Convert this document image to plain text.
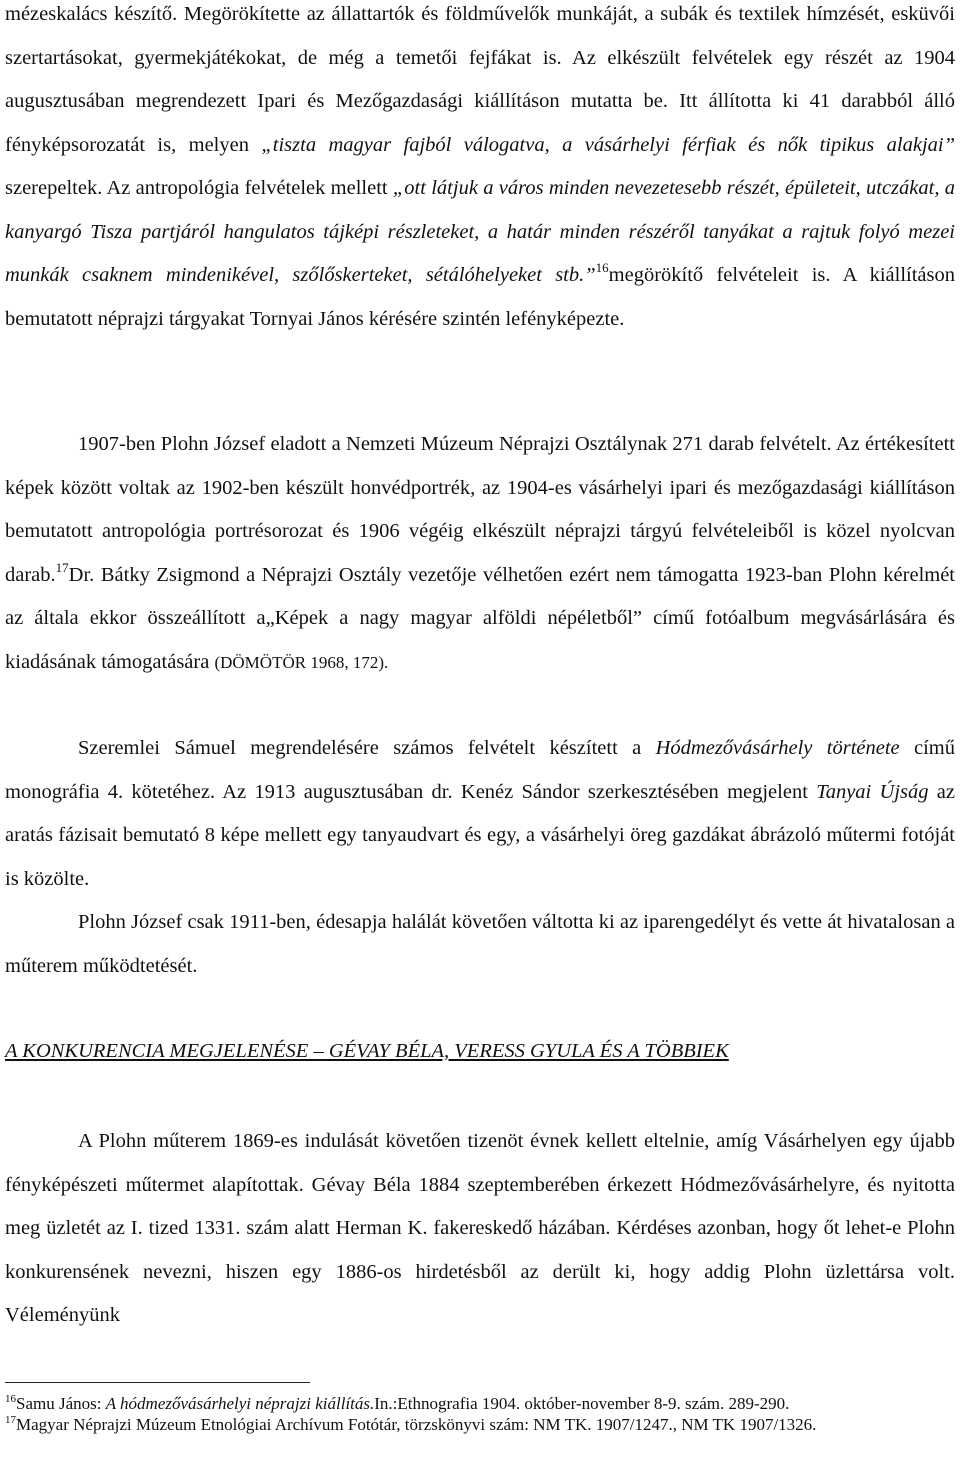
mézeskalács készítő. Megörökítette az állattartók és földművelők munkáját, a subák és textilek hímzését, esküvői szertartásokat, gyermekjátékokat, de még a temetői fejfákat is. Az elkészült felvételek egy részét az 1904 augusztusában megrendezett Ipari és Mezőgazdasági kiállításon mutatta be. Itt állította ki 41 darabból álló fényképsorozatát is, melyen „tiszta magyar fajból válogatva, a vásárhelyi férfiak és nők tipikus alakjai” szerepeltek. Az antropológia felvételek mellett „ott látjuk a város minden nevezetesebb részét, épületeit, utczákat, a kanyargó Tisza partjáról hangulatos tájképi részleteket, a határ minden részéről tanyákat a rajtuk folyó mezei munkák csaknem mindenikével, szőlőskerteket, sétálóhelyeket stb.”$^{16}$megörökítő felvételeit is. A kiállításon bemutatott néprajzi tárgyakat Tornyai János kérésére szintén lefényképezte.

1907-ben Plohn József eladott a Nemzeti Múzeum Néprajzi Osztálynak 271 darab felvételt. Az értékesített képek között voltak az 1902-ben készült honvédportrék, az 1904-es vásárhelyi ipari és mezőgazdasági kiállításon bemutatott antropológia portrésorozat és 1906 végéig elkészült néprajzi tárgyú felvételeiből is közel nyolcvan darab.$^{17}$Dr. Bátky Zsigmond a Néprajzi Osztály vezetője vélhetően ezért nem támogatta 1923-ban Plohn kérelmét az általa ekkor összeállított a„Képek a nagy magyar alföldi népéletből” című fotóalbum megvásárlására és kiadásának támogatására (DÖMÖTÖR 1968, 172).

Szeremlei Sámuel megrendelésére számos felvételt készített a Hódmezővásárhely története című monográfia 4. kötetéhez. Az 1913 augusztusában dr. Kenéz Sándor szerkesztésében megjelent Tanyai Újság az aratás fázisait bemutató 8 képe mellett egy tanyaudvart és egy, a vásárhelyi öreg gazdákat ábrázoló műtermi fotóját is közölte.

Plohn József csak 1911-ben, édesapja halálát követően váltotta ki az iparengedélyt és vette át hivatalosan a műterem működtetését.

A KONKURENCIA MEGJELENÉSE – GÉVAY BÉLA, VERESS GYULA ÉS A TÖBBIEK

A Plohn műterem 1869-es indulását követően tizenöt évnek kellett eltelnie, amíg Vásárhelyen egy újabb fényképészeti műtermet alapítottak. Gévay Béla 1884 szeptemberében érkezett Hódmezővásárhelyre, és nyitotta meg üzletét az I. tized 1331. szám alatt Herman K. fakereskedő házában. Kérdéses azonban, hogy őt lehet-e Plohn konkurensének nevezni, hiszen egy 1886-os hirdetésből az derült ki, hogy addig Plohn üzlettársa volt. Véleményünk

$^{16}$Samu János: A hódmezővásárhelyi néprajzi kiállítás.In.:Ethnografia 1904. október-november 8-9. szám. 289-290.

$^{17}$Magyar Néprajzi Múzeum Etnológiai Archívum Fotótár, törzskönyvi szám: NM TK. 1907/1247., NM TK 1907/1326.
